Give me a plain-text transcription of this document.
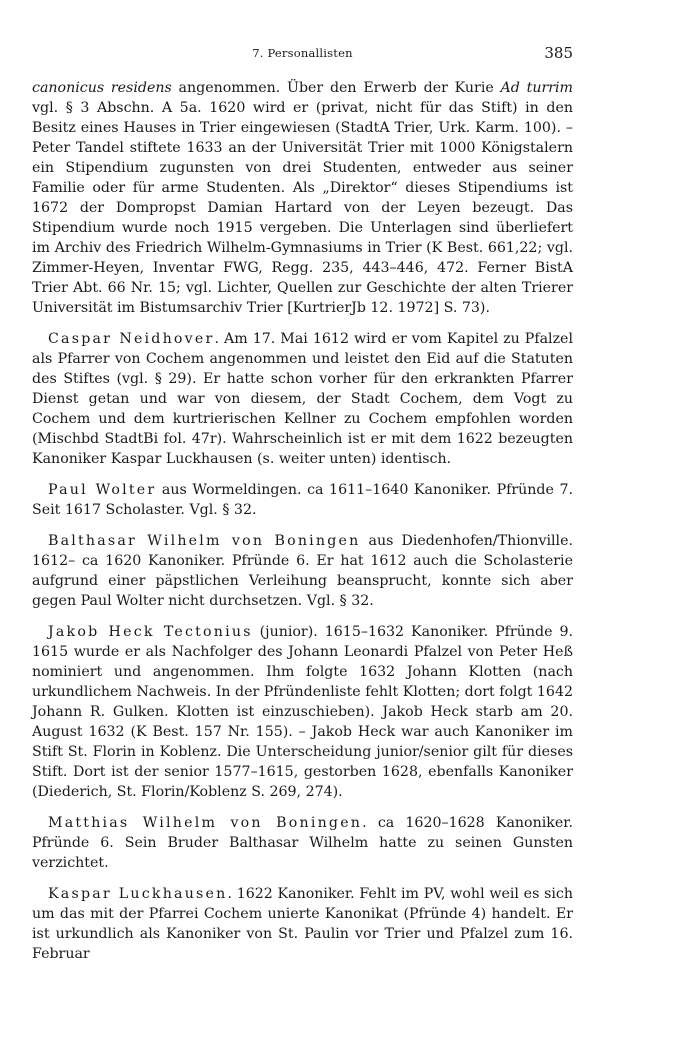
7. Personallisten	385

canonicus residens angenommen. Über den Erwerb der Kurie Ad turrim vgl. § 3 Abschn. A 5a. 1620 wird er (privat, nicht für das Stift) in den Besitz eines Hauses in Trier eingewiesen (StadtA Trier, Urk. Karm. 100). – Peter Tandel stiftete 1633 an der Universität Trier mit 1000 Königstalern ein Stipendium zugunsten von drei Studenten, entweder aus seiner Familie oder für arme Studenten. Als „Direktor“ dieses Stipendiums ist 1672 der Dompropst Damian Hartard von der Leyen bezeugt. Das Stipendium wurde noch 1915 vergeben. Die Unterlagen sind überliefert im Archiv des Friedrich Wilhelm-Gymnasiums in Trier (K Best. 661,22; vgl. Zimmer-Heyen, Inventar FWG, Regg. 235, 443–446, 472. Ferner BistA Trier Abt. 66 Nr. 15; vgl. Lichter, Quellen zur Geschichte der alten Trierer Universität im Bistumsarchiv Trier [KurtrierJb 12. 1972] S. 73).

Caspar Neidhover. Am 17. Mai 1612 wird er vom Kapitel zu Pfalzel als Pfarrer von Cochem angenommen und leistet den Eid auf die Statuten des Stiftes (vgl. § 29). Er hatte schon vorher für den erkrankten Pfarrer Dienst getan und war von diesem, der Stadt Cochem, dem Vogt zu Cochem und dem kurtrierischen Kellner zu Cochem empfohlen worden (Mischbd StadtBi fol. 47r). Wahrscheinlich ist er mit dem 1622 bezeugten Kanoniker Kaspar Luckhausen (s. weiter unten) identisch.

Paul Wolter aus Wormeldingen. ca 1611–1640 Kanoniker. Pfründe 7. Seit 1617 Scholaster. Vgl. § 32.

Balthasar Wilhelm von Boningen aus Diedenhofen/Thionville. 1612– ca 1620 Kanoniker. Pfründe 6. Er hat 1612 auch die Scholasterie aufgrund einer päpstlichen Verleihung beansprucht, konnte sich aber gegen Paul Wolter nicht durchsetzen. Vgl. § 32.

Jakob Heck Tectonius (junior). 1615–1632 Kanoniker. Pfründe 9. 1615 wurde er als Nachfolger des Johann Leonardi Pfalzel von Peter Heß nominiert und angenommen. Ihm folgte 1632 Johann Klotten (nach urkundlichem Nachweis. In der Pfründenliste fehlt Klotten; dort folgt 1642 Johann R. Gulken. Klotten ist einzuschieben). Jakob Heck starb am 20. August 1632 (K Best. 157 Nr. 155). – Jakob Heck war auch Kanoniker im Stift St. Florin in Koblenz. Die Unterscheidung junior/senior gilt für dieses Stift. Dort ist der senior 1577–1615, gestorben 1628, ebenfalls Kanoniker (Diederich, St. Florin/Koblenz S. 269, 274).

Matthias Wilhelm von Boningen. ca 1620–1628 Kanoniker. Pfründe 6. Sein Bruder Balthasar Wilhelm hatte zu seinen Gunsten verzichtet.

Kaspar Luckhausen. 1622 Kanoniker. Fehlt im PV, wohl weil es sich um das mit der Pfarrei Cochem unierte Kanonikat (Pfründe 4) handelt. Er ist urkundlich als Kanoniker von St. Paulin vor Trier und Pfalzel zum 16. Februar
